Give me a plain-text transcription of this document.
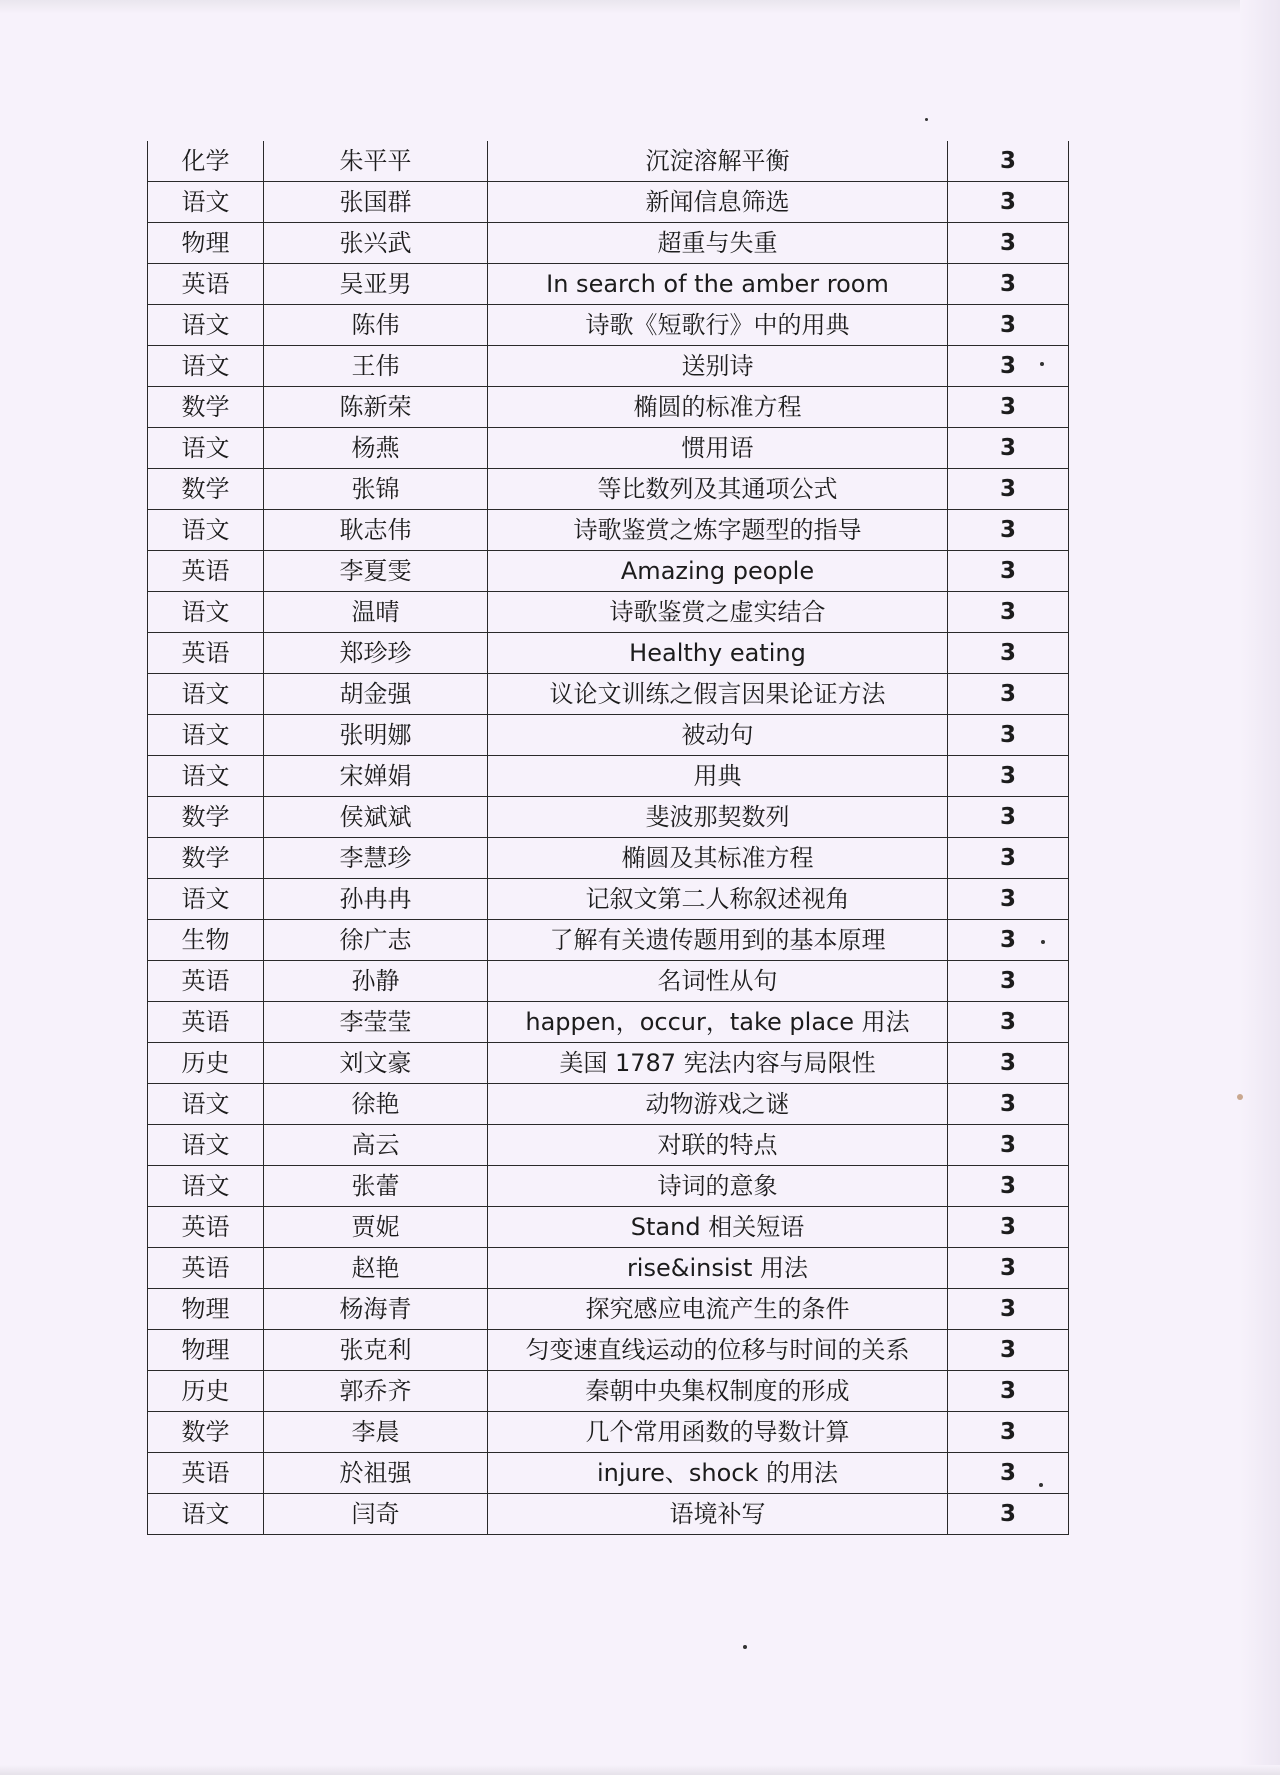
化学	朱平平	沉淀溶解平衡	3
语文	张国群	新闻信息筛选	3
物理	张兴武	超重与失重	3
英语	吴亚男	In search of the amber room	3
语文	陈伟	诗歌《短歌行》中的用典	3
语文	王伟	送别诗	3
数学	陈新荣	椭圆的标准方程	3
语文	杨燕	惯用语	3
数学	张锦	等比数列及其通项公式	3
语文	耿志伟	诗歌鉴赏之炼字题型的指导	3
英语	李夏雯	Amazing people	3
语文	温晴	诗歌鉴赏之虚实结合	3
英语	郑珍珍	Healthy eating	3
语文	胡金强	议论文训练之假言因果论证方法	3
语文	张明娜	被动句	3
语文	宋婵娟	用典	3
数学	侯斌斌	斐波那契数列	3
数学	李慧珍	椭圆及其标准方程	3
语文	孙冉冉	记叙文第二人称叙述视角	3
生物	徐广志	了解有关遗传题用到的基本原理	3
英语	孙静	名词性从句	3
英语	李莹莹	happen，occur，take place 用法	3
历史	刘文豪	美国 1787 宪法内容与局限性	3
语文	徐艳	动物游戏之谜	3
语文	高云	对联的特点	3
语文	张蕾	诗词的意象	3
英语	贾妮	Stand 相关短语	3
英语	赵艳	rise&insist 用法	3
物理	杨海青	探究感应电流产生的条件	3
物理	张克利	匀变速直线运动的位移与时间的关系	3
历史	郭乔齐	秦朝中央集权制度的形成	3
数学	李晨	几个常用函数的导数计算	3
英语	於祖强	injure、shock 的用法	3
语文	闫奇	语境补写	3
